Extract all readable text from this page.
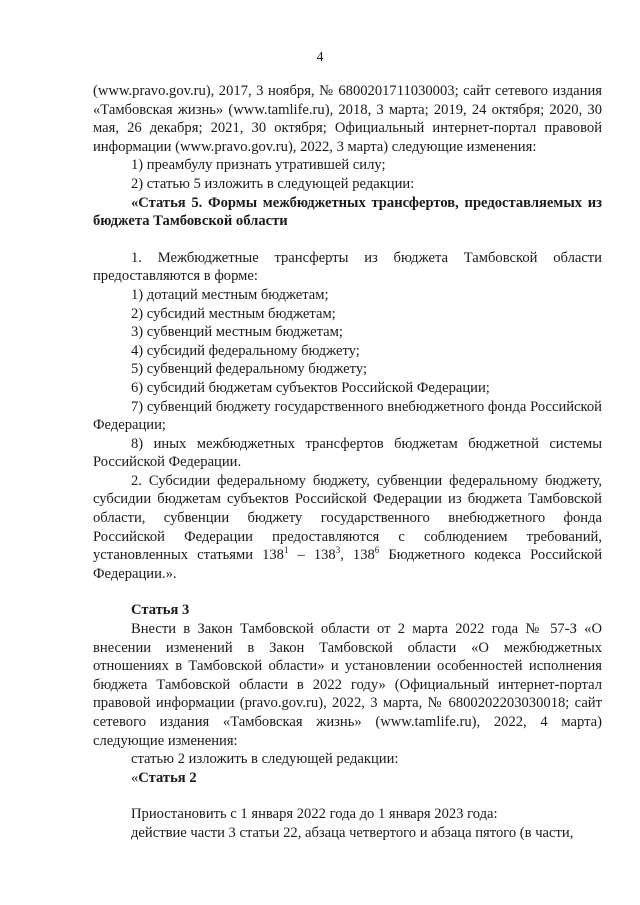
4

(www.pravo.gov.ru), 2017, 3 ноября, № 6800201711030003; сайт сетевого издания «Тамбовская жизнь» (www.tamlife.ru), 2018, 3 марта; 2019, 24 октября; 2020, 30 мая, 26 декабря; 2021, 30 октября; Официальный интернет-портал правовой информации (www.pravo.gov.ru), 2022, 3 марта) следующие изменения:

1) преамбулу признать утратившей силу;

2) статью 5 изложить в следующей редакции:

«Статья 5. Формы межбюджетных трансфертов, предоставляемых из бюджета Тамбовской области

1. Межбюджетные трансферты из бюджета Тамбовской области предоставляются в форме:

1) дотаций местным бюджетам;

2) субсидий местным бюджетам;

3) субвенций местным бюджетам;

4) субсидий федеральному бюджету;

5) субвенций федеральному бюджету;

6) субсидий бюджетам субъектов Российской Федерации;

7) субвенций бюджету государственного внебюджетного фонда Российской Федерации;

8) иных межбюджетных трансфертов бюджетам бюджетной системы Российской Федерации.

2. Субсидии федеральному бюджету, субвенции федеральному бюджету, субсидии бюджетам субъектов Российской Федерации из бюджета Тамбовской области, субвенции бюджету государственного внебюджетного фонда Российской Федерации предоставляются с соблюдением требований, установленных статьями $138^1 - 138^3$, $138^6$ Бюджетного кодекса Российской Федерации.».

Статья 3

Внести в Закон Тамбовской области от 2 марта 2022 года № 57-З «О внесении изменений в Закон Тамбовской области «О межбюджетных отношениях в Тамбовской области» и установлении особенностей исполнения бюджета Тамбовской области в 2022 году» (Официальный интернет-портал правовой информации (pravo.gov.ru), 2022, 3 марта, № 6800202203030018; сайт сетевого издания «Тамбовская жизнь» (www.tamlife.ru), 2022, 4 марта) следующие изменения:

статью 2 изложить в следующей редакции:

«Статья 2

Приостановить с 1 января 2022 года до 1 января 2023 года:

действие части 3 статьи 22, абзаца четвертого и абзаца пятого (в части,
